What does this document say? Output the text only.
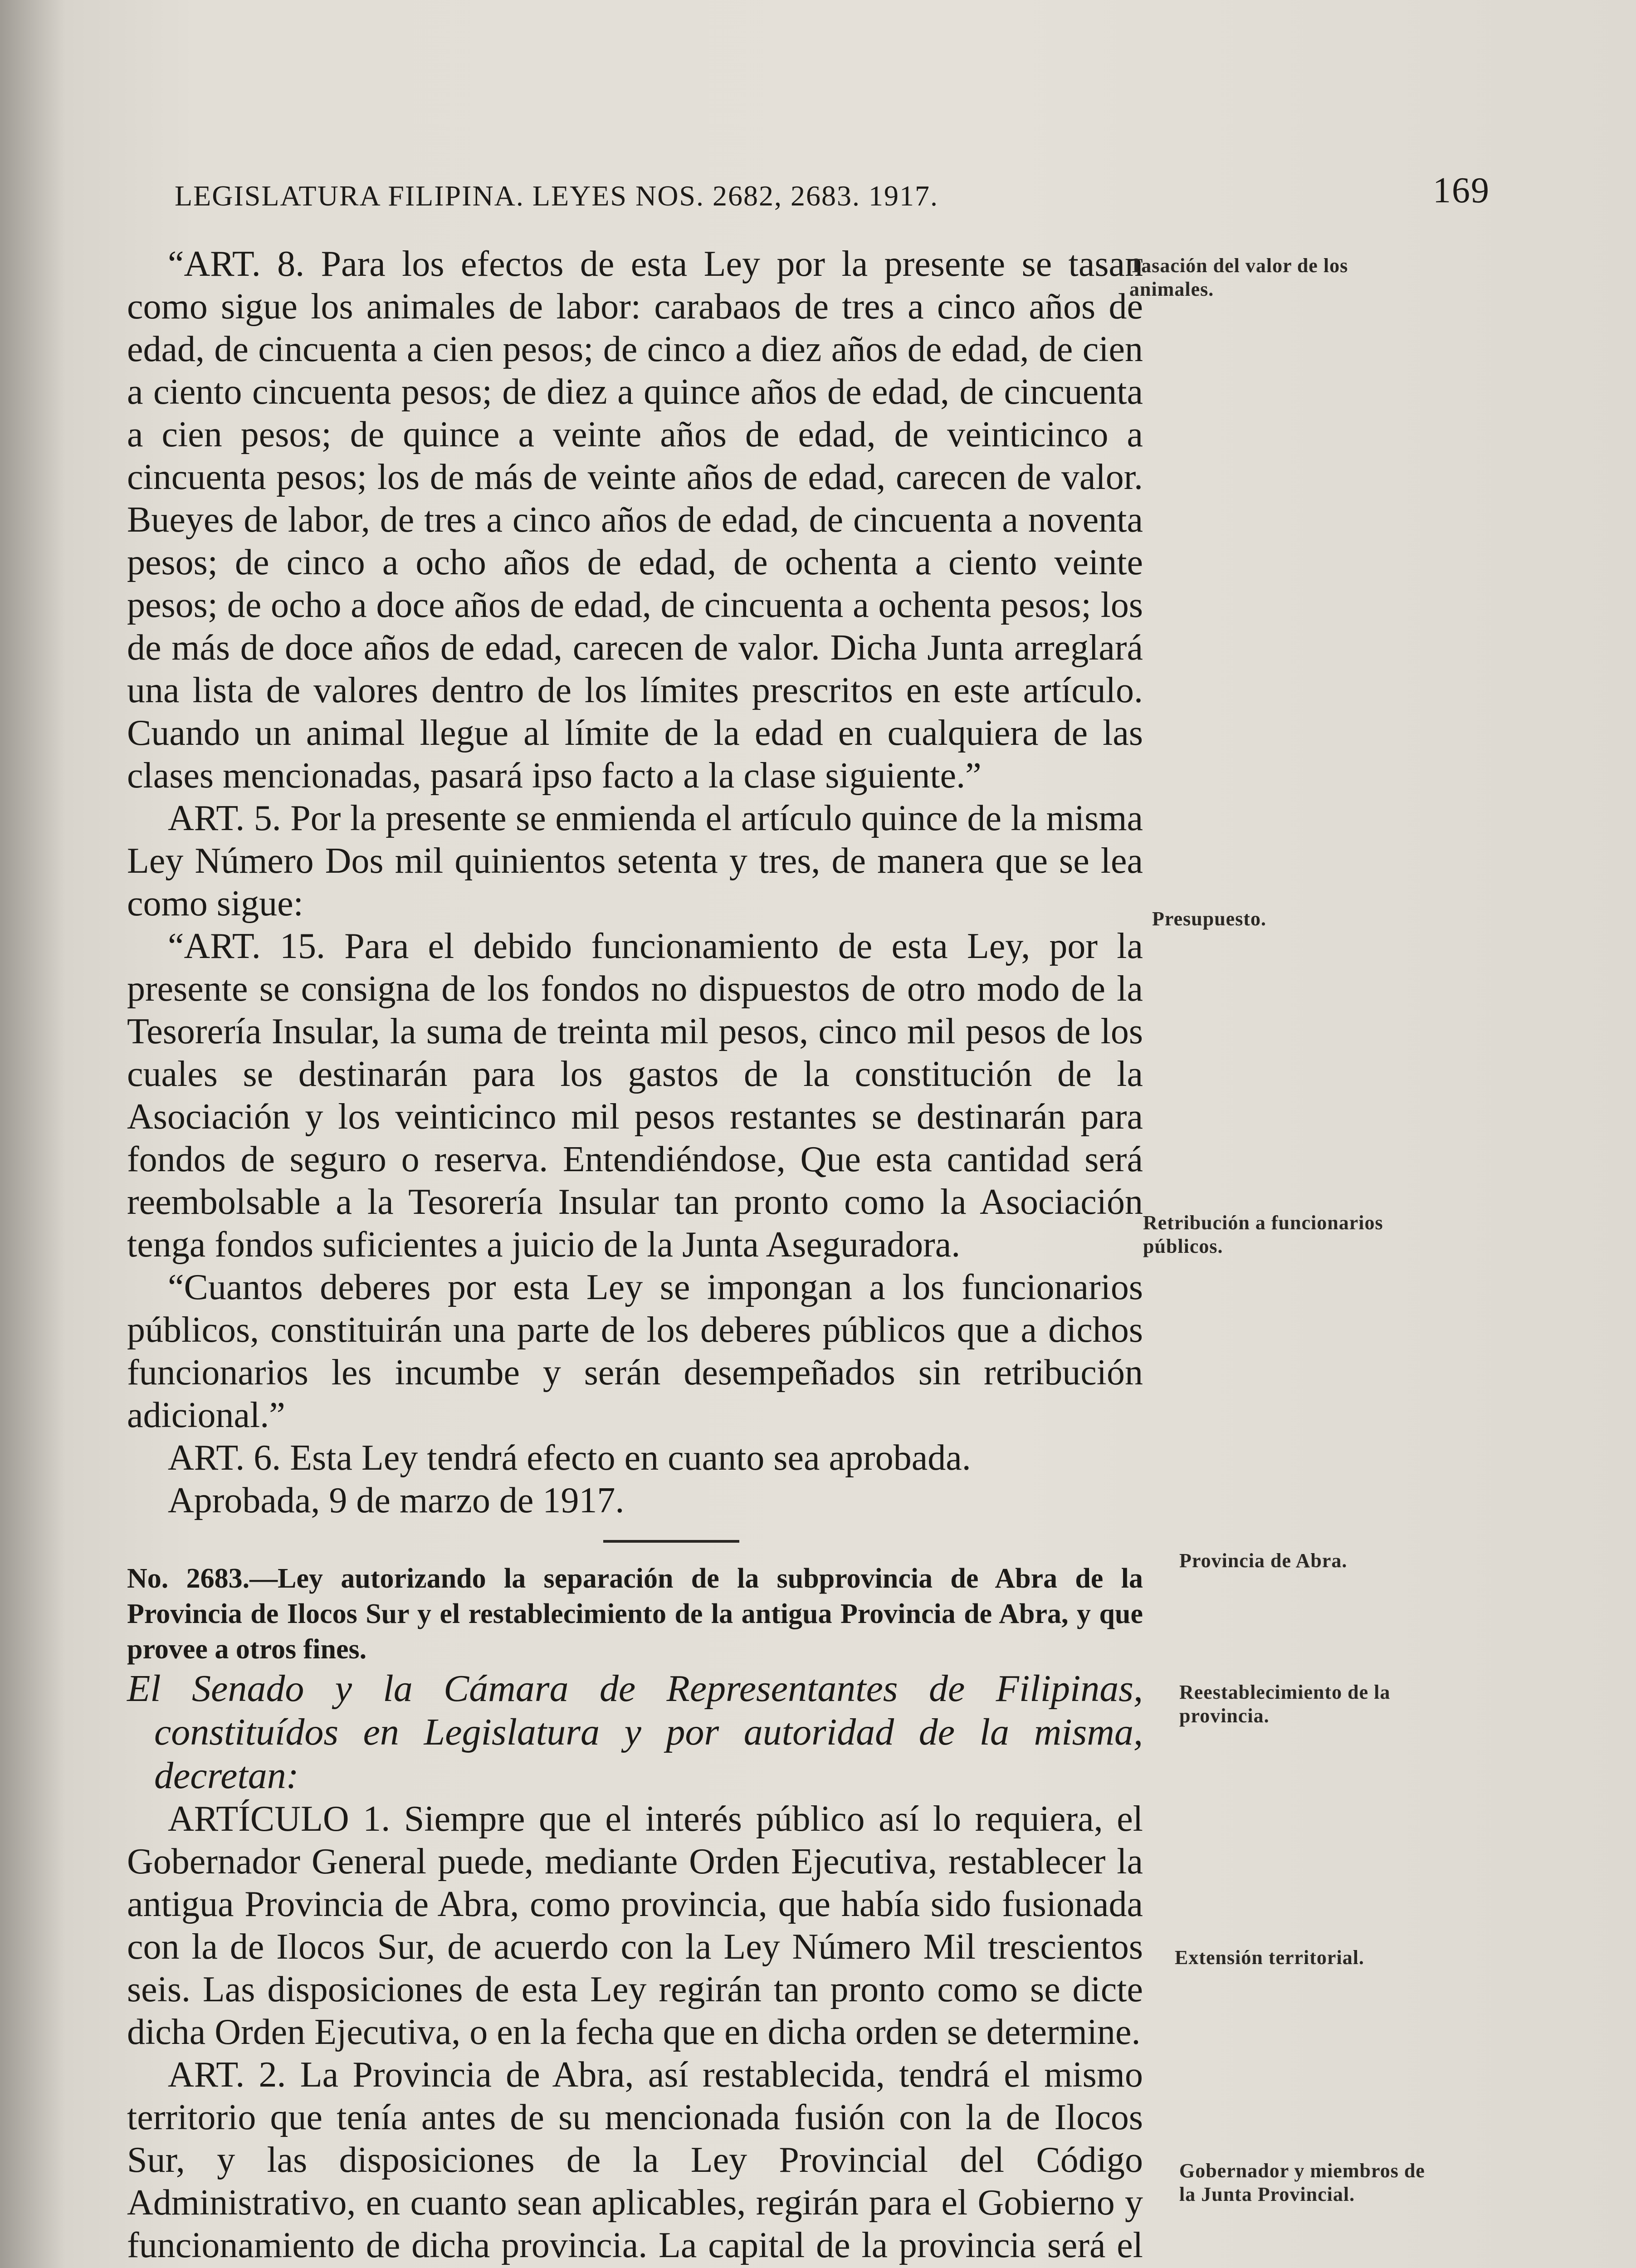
LEGISLATURA FILIPINA. LEYES NOS. 2682, 2683. 1917.	169

“ART. 8. Para los efectos de esta Ley por la presente se tasan como sigue los animales de labor: carabaos de tres a cinco años de edad, de cincuenta a cien pesos; de cinco a diez años de edad, de cien a ciento cincuenta pesos; de diez a quince años de edad, de cincuenta a cien pesos; de quince a veinte años de edad, de veinticinco a cincuenta pesos; los de más de veinte años de edad, carecen de valor. Bueyes de labor, de tres a cinco años de edad, de cincuenta a noventa pesos; de cinco a ocho años de edad, de ochenta a ciento veinte pesos; de ocho a doce años de edad, de cincuenta a ochenta pesos; los de más de doce años de edad, carecen de valor. Dicha Junta arreglará una lista de valores dentro de los límites prescritos en este artículo. Cuando un animal llegue al límite de la edad en cualquiera de las clases mencionadas, pasará ipso facto a la clase siguiente.”

ART. 5. Por la presente se enmienda el artículo quince de la misma Ley Número Dos mil quinientos setenta y tres, de manera que se lea como sigue:

“ART. 15. Para el debido funcionamiento de esta Ley, por la presente se consigna de los fondos no dispuestos de otro modo de la Tesorería Insular, la suma de treinta mil pesos, cinco mil pesos de los cuales se destinarán para los gastos de la constitución de la Asociación y los veinticinco mil pesos restantes se destinarán para fondos de seguro o reserva. Entendiéndose, Que esta cantidad será reembolsable a la Tesorería Insular tan pronto como la Asociación tenga fondos suficientes a juicio de la Junta Aseguradora.

“Cuantos deberes por esta Ley se impongan a los funcionarios públicos, constituirán una parte de los deberes públicos que a dichos funcionarios les incumbe y serán desempeñados sin retribución adicional.”

ART. 6. Esta Ley tendrá efecto en cuanto sea aprobada.

Aprobada, 9 de marzo de 1917.

No. 2683.—Ley autorizando la separación de la subprovincia de Abra de la Provincia de Ilocos Sur y el restablecimiento de la antigua Provincia de Abra, y que provee a otros fines.

El Senado y la Cámara de Representantes de Filipinas, constituídos en Legislatura y por autoridad de la misma, decretan:

ARTÍCULO 1. Siempre que el interés público así lo requiera, el Gobernador General puede, mediante Orden Ejecutiva, restablecer la antigua Provincia de Abra, como provincia, que había sido fusionada con la de Ilocos Sur, de acuerdo con la Ley Número Mil trescientos seis. Las disposiciones de esta Ley regirán tan pronto como se dicte dicha Orden Ejecutiva, o en la fecha que en dicha orden se determine.

ART. 2. La Provincia de Abra, así restablecida, tendrá el mismo territorio que tenía antes de su mencionada fusión con la de Ilocos Sur, y las disposiciones de la Ley Provincial del Código Administrativo, en cuanto sean aplicables, regirán para el Gobierno y funcionamiento de dicha provincia. La capital de la provincia será el

Tasación del valor de los animales.
Presupuesto.
Retribución a funcionarios públicos.
Provincia de Abra.
Reestablecimiento de la provincia.
Extensión territorial.
Gobernador y miembros de la Junta Provincial.
